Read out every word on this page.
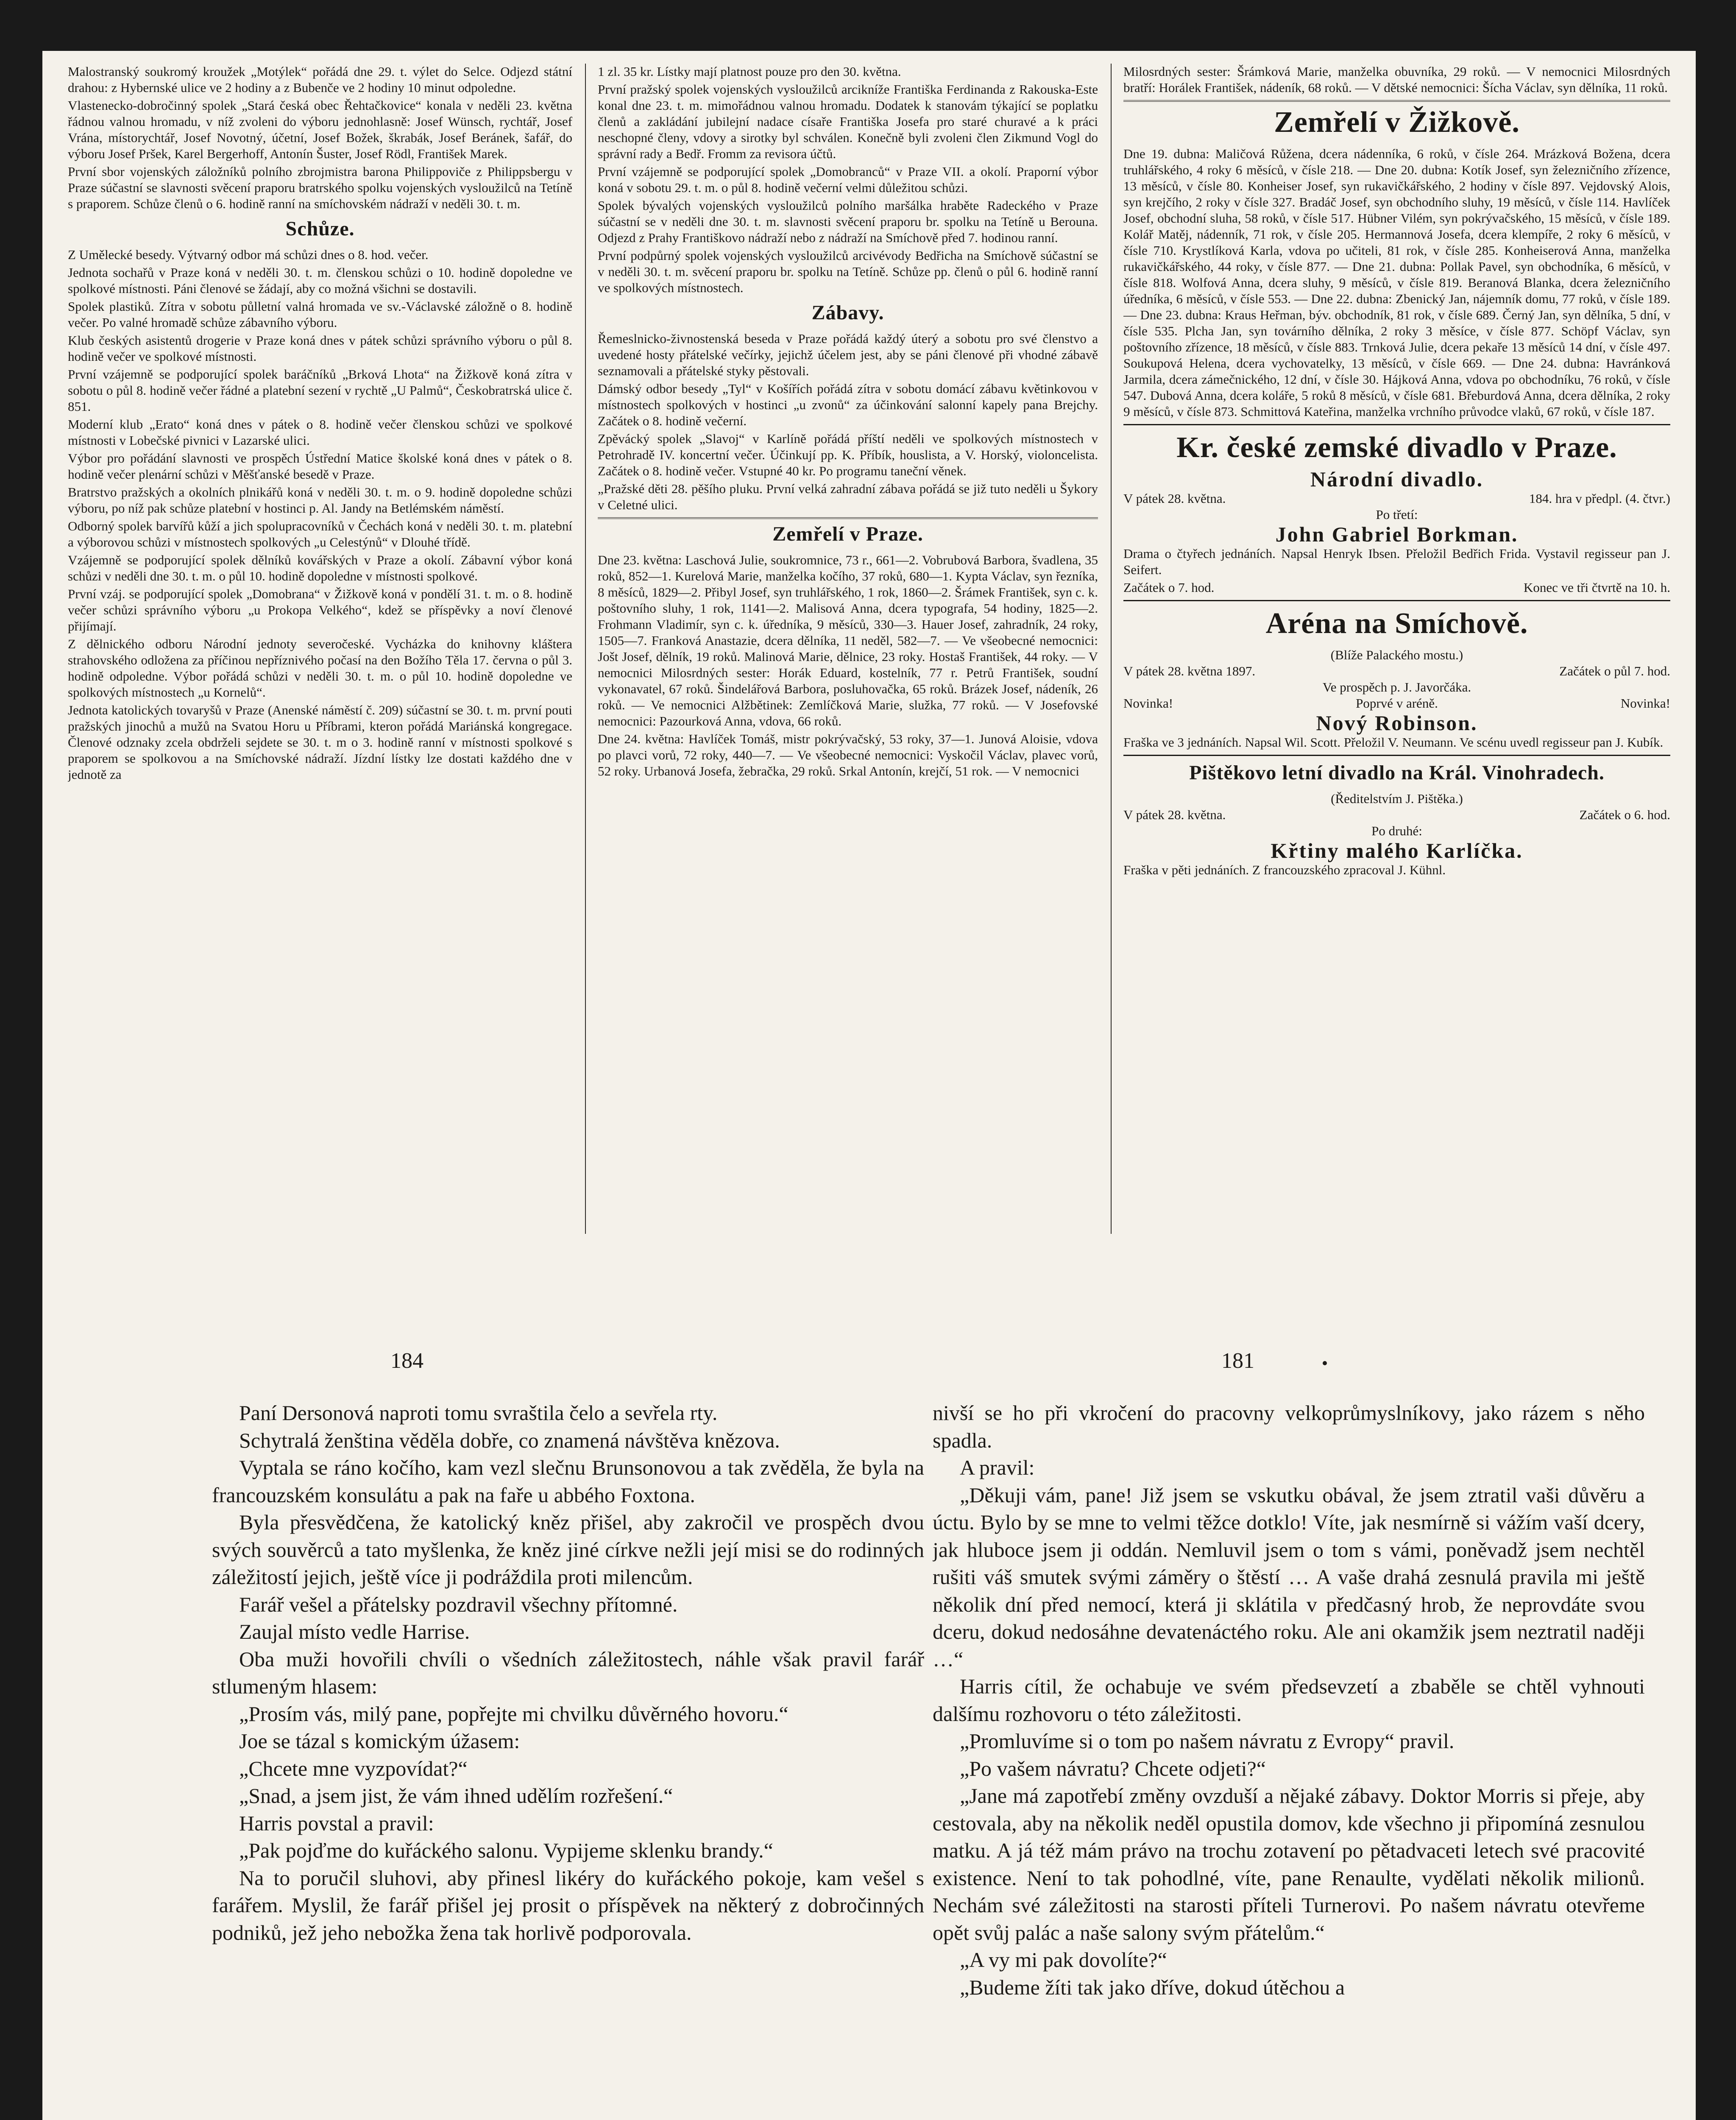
Malostranský soukromý kroužek „Motýlek“ pořádá dne 29. t. výlet do Selce. Odjezd státní drahou: z Hybernské ulice ve 2 hodiny a z Bubenče ve 2 hodiny 10 minut odpoledne.

Vlastenecko-dobročinný spolek „Stará česká obec Řehtačkovice“ konala v neděli 23. května řádnou valnou hromadu, v níž zvoleni do výboru jednohlasně: Josef Wünsch, rychtář, Josef Vrána, místorychtář, Josef Novotný, účetní, Josef Božek, škrabák, Josef Beránek, šafář, do výboru Josef Pršek, Karel Bergerhoff, Antonín Šuster, Josef Rödl, František Marek.

První sbor vojenských záložníků polního zbrojmistra barona Philippoviče z Philippsbergu v Praze súčastní se slavnosti svěcení praporu bratrského spolku vojenských vysloužilců na Tetíně s praporem. Schůze členů o 6. hodině ranní na smíchovském nádraží v neděli 30. t. m.

Schůze.

Z Umělecké besedy. Výtvarný odbor má schůzi dnes o 8. hod. večer.

Jednota sochařů v Praze koná v neděli 30. t. m. členskou schůzi o 10. hodině dopoledne ve spolkové místnosti. Páni členové se žádají, aby co možná všichni se dostavili.

Spolek plastiků. Zítra v sobotu půlletní valná hromada ve sv.-Václavské záložně o 8. hodině večer. Po valné hromadě schůze zábavního výboru.

Klub českých asistentů drogerie v Praze koná dnes v pátek schůzi správního výboru o půl 8. hodině večer ve spolkové místnosti.

První vzájemně se podporující spolek baráčníků „Brková Lhota“ na Žižkově koná zítra v sobotu o půl 8. hodině večer řádné a platební sezení v rychtě „U Palmů“, Českobratrská ulice č. 851.

Moderní klub „Erato“ koná dnes v pátek o 8. hodině večer členskou schůzi ve spolkové místnosti v Lobečské pivnici v Lazarské ulici.

Výbor pro pořádání slavnosti ve prospěch Ústřední Matice školské koná dnes v pátek o 8. hodině večer plenární schůzi v Měšťanské besedě v Praze.

Bratrstvo pražských a okolních plnikářů koná v neděli 30. t. m. o 9. hodině dopoledne schůzi výboru, po níž pak schůze platební v hostinci p. Al. Jandy na Betlémském náměstí.

Odborný spolek barvířů kůží a jich spolupracovníků v Čechách koná v neděli 30. t. m. platební a výborovou schůzi v místnostech spolkových „u Celestýnů“ v Dlouhé třídě.

Vzájemně se podporující spolek dělníků kovářských v Praze a okolí. Zábavní výbor koná schůzi v neděli dne 30. t. m. o půl 10. hodině dopoledne v místnosti spolkové.

První vzáj. se podporující spolek „Domobrana“ v Žižkově koná v pondělí 31. t. m. o 8. hodině večer schůzi správního výboru „u Prokopa Velkého“, kdež se příspěvky a noví členové přijímají.

Z dělnického odboru Národní jednoty severočeské. Vycházka do knihovny kláštera strahovského odložena za příčinou nepříznivého počasí na den Božího Těla 17. června o půl 3. hodině odpoledne. Výbor pořádá schůzi v neděli 30. t. m. o půl 10. hodině dopoledne ve spolkových místnostech „u Kornelů“.

Jednota katolických tovaryšů v Praze (Anenské náměstí č. 209) súčastní se 30. t. m. první pouti pražských jinochů a mužů na Svatou Horu u Příbrami, kteron pořádá Mariánská kongregace. Členové odznaky zcela obdrželi sejdete se 30. t. m o 3. hodině ranní v místnosti spolkové s praporem se spolkovou a na Smíchovské nádraží. Jízdní lístky lze dostati každého dne v jednotě za

1 zl. 35 kr. Lístky mají platnost pouze pro den 30. května.

První pražský spolek vojenských vysloužilců arcikníže Františka Ferdinanda z Rakouska-Este konal dne 23. t. m. mimořádnou valnou hromadu. Dodatek k stanovám týkající se poplatku členů a zakládání jubilejní nadace císaře Františka Josefa pro staré churavé a k práci neschopné členy, vdovy a sirotky byl schválen. Konečně byli zvoleni člen Zikmund Vogl do správní rady a Bedř. Fromm za revisora účtů.

První vzájemně se podporující spolek „Domobranců“ v Praze VII. a okolí. Praporní výbor koná v sobotu 29. t. m. o půl 8. hodině večerní velmi důležitou schůzi.

Spolek bývalých vojenských vysloužilců polního maršálka hraběte Radeckého v Praze súčastní se v neděli dne 30. t. m. slavnosti svěcení praporu br. spolku na Tetíně u Berouna. Odjezd z Prahy Františkovo nádraží nebo z nádraží na Smíchově před 7. hodinou ranní.

První podpůrný spolek vojenských vysloužilců arcivévody Bedřicha na Smíchově súčastní se v neděli 30. t. m. svěcení praporu br. spolku na Tetíně. Schůze pp. členů o půl 6. hodině ranní ve spolkových místnostech.

Zábavy.

Řemeslnicko-živnostenská beseda v Praze pořádá každý úterý a sobotu pro své členstvo a uvedené hosty přátelské večírky, jejichž účelem jest, aby se páni členové při vhodné zábavě seznamovali a přátelské styky pěstovali.

Dámský odbor besedy „Tyl“ v Košířích pořádá zítra v sobotu domácí zábavu květinkovou v místnostech spolkových v hostinci „u zvonů“ za účinkování salonní kapely pana Brejchy. Začátek o 8. hodině večerní.

Zpěvácký spolek „Slavoj“ v Karlíně pořádá příští neděli ve spolkových místnostech v Petrohradě IV. koncertní večer. Účinkují pp. K. Příbík, houslista, a V. Horský, violoncelista. Začátek o 8. hodině večer. Vstupné 40 kr. Po programu taneční věnek.

„Pražské děti 28. pěšího pluku. První velká zahradní zábava pořádá se již tuto neděli u Šykory v Celetné ulici.

Zemřelí v Praze.

Dne 23. května: Laschová Julie, soukromnice, 73 r., 661—2. Vobrubová Barbora, švadlena, 35 roků, 852—1. Kurelová Marie, manželka kočího, 37 roků, 680—1. Kypta Václav, syn řezníka, 8 měsíců, 1829—2. Přibyl Josef, syn truhlářského, 1 rok, 1860—2. Šrámek František, syn c. k. poštovního sluhy, 1 rok, 1141—2. Malisová Anna, dcera typografa, 54 hodiny, 1825—2. Frohmann Vladimír, syn c. k. úředníka, 9 měsíců, 330—3. Hauer Josef, zahradník, 24 roky, 1505—7. Franková Anastazie, dcera dělníka, 11 neděl, 582—7. — Ve všeobecné nemocnici: Jošt Josef, dělník, 19 roků. Malinová Marie, dělnice, 23 roky. Hostaš František, 44 roky. — V nemocnici Milosrdných sester: Horák Eduard, kostelník, 77 r. Petrů František, soudní vykonavatel, 67 roků. Šindelářová Barbora, posluhovačka, 65 roků. Brázek Josef, nádeník, 26 roků. — Ve nemocnici Alžbětinek: Zemlíčková Marie, služka, 77 roků. — V Josefovské nemocnici: Pazourková Anna, vdova, 66 roků.

Dne 24. května: Havlíček Tomáš, mistr pokrývačský, 53 roky, 37—1. Junová Aloisie, vdova po plavci vorů, 72 roky, 440—7. — Ve všeobecné nemocnici: Vyskočil Václav, plavec vorů, 52 roky. Urbanová Josefa, žebračka, 29 roků. Srkal Antonín, krejčí, 51 rok. — V nemocnici

Milosrdných sester: Šrámková Marie, manželka obuvníka, 29 roků. — V nemocnici Milosrdných bratří: Horálek František, nádeník, 68 roků. — V dětské nemocnici: Šícha Václav, syn dělníka, 11 roků.

Zemřelí v Žižkově.

Dne 19. dubna: Maličová Růžena, dcera nádenníka, 6 roků, v čísle 264. Mrázková Božena, dcera truhlářského, 4 roky 6 měsíců, v čísle 218. — Dne 20. dubna: Kotík Josef, syn železničního zřízence, 13 měsíců, v čísle 80. Konheiser Josef, syn rukavičkářského, 2 hodiny v čísle 897. Vejdovský Alois, syn krejčího, 2 roky v čísle 327. Bradáč Josef, syn obchodního sluhy, 19 měsíců, v čísle 114. Havlíček Josef, obchodní sluha, 58 roků, v čísle 517. Hübner Vilém, syn pokrývačského, 15 měsíců, v čísle 189. Kolář Matěj, nádenník, 71 rok, v čísle 205. Hermannová Josefa, dcera klempíře, 2 roky 6 měsíců, v čísle 710. Krystlíková Karla, vdova po učiteli, 81 rok, v čísle 285. Konheiserová Anna, manželka rukavičkářského, 44 roky, v čísle 877. — Dne 21. dubna: Pollak Pavel, syn obchodníka, 6 měsíců, v čísle 818. Wolfová Anna, dcera sluhy, 9 měsíců, v čísle 819. Beranová Blanka, dcera železničního úředníka, 6 měsíců, v čísle 553. — Dne 22. dubna: Zbenický Jan, nájemník domu, 77 roků, v čísle 189. — Dne 23. dubna: Kraus Heřman, býv. obchodník, 81 rok, v čísle 689. Černý Jan, syn dělníka, 5 dní, v čísle 535. Plcha Jan, syn továrního dělníka, 2 roky 3 měsíce, v čísle 877. Schöpf Václav, syn poštovního zřízence, 18 měsíců, v čísle 883. Trnková Julie, dcera pekaře 13 měsíců 14 dní, v čísle 497. Soukupová Helena, dcera vychovatelky, 13 měsíců, v čísle 669. — Dne 24. dubna: Havránková Jarmila, dcera zámečnického, 12 dní, v čísle 30. Hájková Anna, vdova po obchodníku, 76 roků, v čísle 547. Dubová Anna, dcera koláře, 5 roků 8 měsíců, v čísle 681. Břeburdová Anna, dcera dělníka, 2 roky 9 měsíců, v čísle 873. Schmittová Kateřina, manželka vrchního průvodce vlaků, 67 roků, v čísle 187.

Kr. české zemské divadlo v Praze.
Národní divadlo.
V pátek 28. května.	184. hra v předpl. (4. čtvr.)
Po třetí:
John Gabriel Borkman.

Drama o čtyřech jednáních. Napsal Henryk Ibsen. Přeložil Bedřich Frida. Vystavil regisseur pan J. Seifert.

Začátek o 7. hod.	Konec ve tři čtvrtě na 10. h.
Aréna na Smíchově.
(Blíže Palackého mostu.)
V pátek 28. května 1897.	Začátek o půl 7. hod.
Ve prospěch p. J. Javorčáka.
Novinka!	Poprvé v aréně.	Novinka!
Nový Robinson.

Fraška ve 3 jednáních. Napsal Wil. Scott. Přeložil V. Neumann. Ve scénu uvedl regisseur pan J. Kubík.

Pištěkovo letní divadlo na Král. Vinohradech.
(Ředitelstvím J. Pištěka.)
V pátek 28. května.	Začátek o 6. hod.
Po druhé:
Křtiny malého Karlíčka.

Fraška v pěti jednáních. Z francouzského zpracoval J. Kühnl.

184	181

Paní Dersonová naproti tomu svraštila čelo a sevřela rty.

Schytralá ženština věděla dobře, co znamená návštěva knězova.

Vyptala se ráno kočího, kam vezl slečnu Brunsonovou a tak zvěděla, že byla na francouzském konsulátu a pak na faře u abbého Foxtona.

Byla přesvědčena, že katolický kněz přišel, aby zakročil ve prospěch dvou svých souvěrců a tato myšlenka, že kněz jiné církve nežli její misi se do rodinných záležitostí jejich, ještě více ji podráždila proti milencům.

Farář vešel a přátelsky pozdravil všechny přítomné.

Zaujal místo vedle Harrise.

Oba muži hovořili chvíli o všedních záležitostech, náhle však pravil farář stlumeným hlasem:

„Prosím vás, milý pane, popřejte mi chvilku důvěrného hovoru.“

Joe se tázal s komickým úžasem:

„Chcete mne vyzpovídat?“

„Snad, a jsem jist, že vám ihned udělím rozřešení.“

Harris povstal a pravil:

„Pak pojďme do kuřáckého salonu. Vypijeme sklenku brandy.“

Na to poručil sluhovi, aby přinesl likéry do kuřáckého pokoje, kam vešel s farářem. Myslil, že farář přišel jej prosit o příspěvek na některý z dobročinných podniků, jež jeho nebožka žena tak horlivě podporovala.

nivší se ho při vkročení do pracovny velkoprůmyslníkovy, jako rázem s něho spadla.

A pravil:

„Děkuji vám, pane! Již jsem se vskutku obával, že jsem ztratil vaši důvěru a úctu. Bylo by se mne to velmi těžce dotklo! Víte, jak nesmírně si vážím vaší dcery, jak hluboce jsem ji oddán. Nemluvil jsem o tom s vámi, poněvadž jsem nechtěl rušiti váš smutek svými záměry o štěstí … A vaše drahá zesnulá pravila mi ještě několik dní před nemocí, která ji sklátila v předčasný hrob, že neprovdáte svou dceru, dokud nedosáhne devatenáctého roku. Ale ani okamžik jsem neztratil naději …“

Harris cítil, že ochabuje ve svém předsevzetí a zbaběle se chtěl vyhnouti dalšímu rozhovoru o této záležitosti.

„Promluvíme si o tom po našem návratu z Evropy“ pravil.

„Po vašem návratu? Chcete odjeti?“

„Jane má zapotřebí změny ovzduší a nějaké zábavy. Doktor Morris si přeje, aby cestovala, aby na několik neděl opustila domov, kde všechno ji připomíná zesnulou matku. A já též mám právo na trochu zotavení po pětadvaceti letech své pracovité existence. Není to tak pohodlné, víte, pane Renaulte, vydělati několik milionů. Nechám své záležitosti na starosti příteli Turnerovi. Po našem návratu otevřeme opět svůj palác a naše salony svým přátelům.“

„A vy mi pak dovolíte?“

„Budeme žíti tak jako dříve, dokud útěchou a
